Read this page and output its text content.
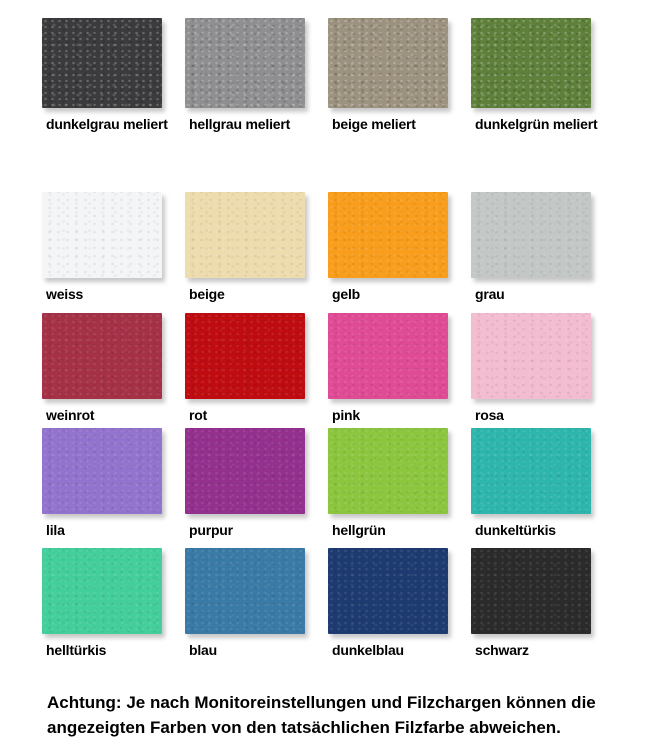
dunkelgrau meliert	hellgrau meliert	beige meliert	dunkelgrün meliert
weiss	beige	gelb	grau
weinrot	rot	pink	rosa
lila	purpur	hellgrün	dunkeltürkis
helltürkis	blau	dunkelblau	schwarz

Achtung: Je nach Monitoreinstellungen und Filzchargen können die angezeigten Farben von den tatsächlichen Filzfarbe abweichen.
